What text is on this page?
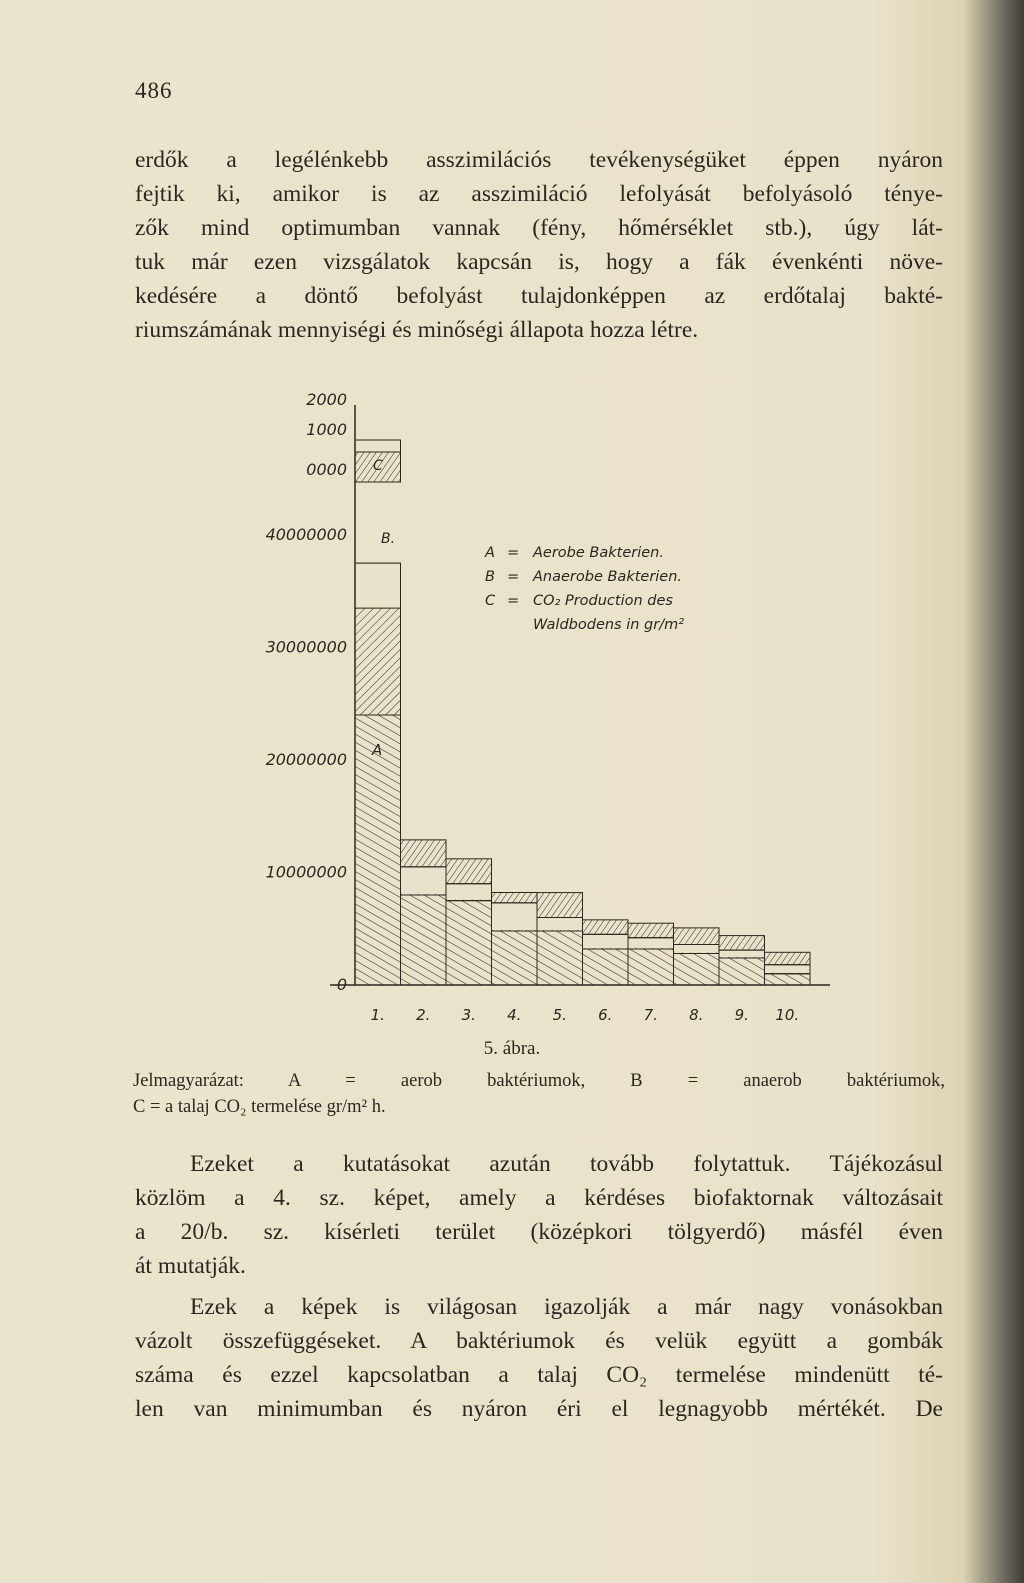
486
erdők a legélénkebb asszimilációs tevékenységüket éppen nyáron
fejtik ki, amikor is az asszimiláció lefolyását befolyásoló ténye-
zők mind optimumban vannak (fény, hőmérséklet stb.), úgy lát-
tuk már ezen vizsgálatok kapcsán is, hogy a fák évenkénti növe-
kedésére a döntő befolyást tulajdonképpen az erdőtalaj bakté-
riumszámának mennyiségi és minőségi állapota hozza létre.
A
B.
C
0
10000000
20000000
30000000
40000000
2000
1000
0000
1. 2. 3. 4. 5. 6. 7. 8. 9. 10.
A = Aerobe Bakterien.
B = Anaerobe Bakterien.
C = CO₂ Production des
Waldbodens in gr/m²
5. ábra.
Jelmagyarázat: A = aerob baktériumok, B = anaerob baktériumok,
C = a talaj CO₂ termelése gr/m² h.
Ezeket a kutatásokat azután tovább folytattuk. Tájékozásul
közlöm a 4. sz. képet, amely a kérdéses biofaktornak változásait
a 20/b. sz. kísérleti terület (középkori tölgyerdő) másfél éven
át mutatják.
Ezek a képek is világosan igazolják a már nagy vonásokban
vázolt összefüggéseket. A baktériumok és velük együtt a gombák
száma és ezzel kapcsolatban a talaj CO₂ termelése mindenütt té-
len van minimumban és nyáron éri el legnagyobb mértékét. De
